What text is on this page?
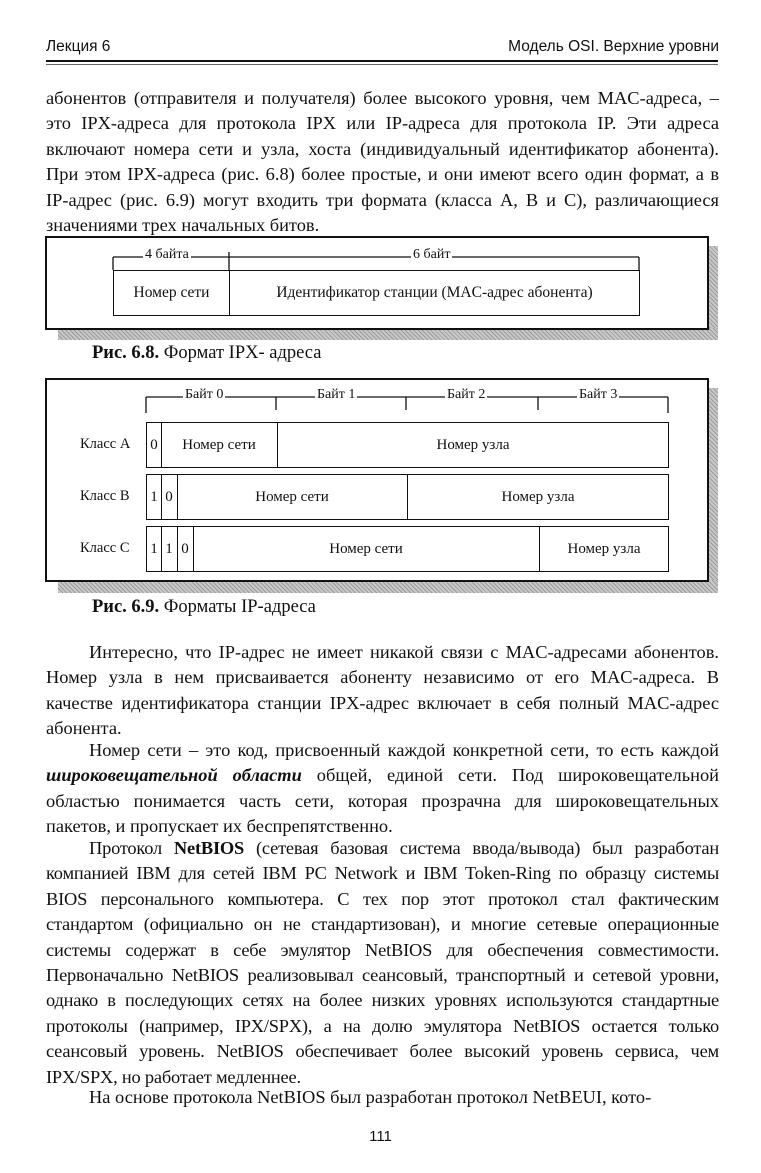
Лекция 6	Модель OSI. Верхние уровни

абонентов (отправителя и получателя) более высокого уровня, чем MAC-адреса, – это IPX-адреса для протокола IPX или IP-адреса для протокола IP. Эти адреса включают номера сети и узла, хоста (индивидуальный идентификатор абонента). При этом IPX-адреса (рис. 6.8) более простые, и они имеют всего один формат, а в IP-адрес (рис. 6.9) могут входить три формата (класса A, B и C), различающиеся значениями трех начальных битов.

4 байта	6 байт
Номер сети	Идентификатор станции (MAC-адрес абонента)
Рис. 6.8. Формат IPX- адреса
Байт 0	Байт 1	Байт 2	Байт 3
Класс A 0	Номер сети	Номер узла
Класс B 1 0	Номер сети	Номер узла
Класс C 1 1 0	Номер сети	Номер узла
Рис. 6.9. Форматы IP-адреса

Интересно, что IP-адрес не имеет никакой связи с MAC-адресами абонентов. Номер узла в нем присваивается абоненту независимо от его MAC-адреса. В качестве идентификатора станции IPX-адрес включает в себя полный MAC-адрес абонента.

Номер сети – это код, присвоенный каждой конкретной сети, то есть каждой широковещательной области общей, единой сети. Под широковещательной областью понимается часть сети, которая прозрачна для широковещательных пакетов, и пропускает их беспрепятственно.

Протокол NetBIOS (сетевая базовая система ввода/вывода) был разработан компанией IBM для сетей IBM PC Network и IBM Token-Ring по образцу системы BIOS персонального компьютера. С тех пор этот протокол стал фактическим стандартом (официально он не стандартизован), и многие сетевые операционные системы содержат в себе эмулятор NetBIOS для обеспечения совместимости. Первоначально NetBIOS реализовывал сеансовый, транспортный и сетевой уровни, однако в последующих сетях на более низких уровнях используются стандартные протоколы (например, IPX/SPX), а на долю эмулятора NetBIOS остается только сеансовый уровень. NetBIOS обеспечивает более высокий уровень сервиса, чем IPX/SPX, но работает медленнее.

На основе протокола NetBIOS был разработан протокол NetBEUI, кото-

111
